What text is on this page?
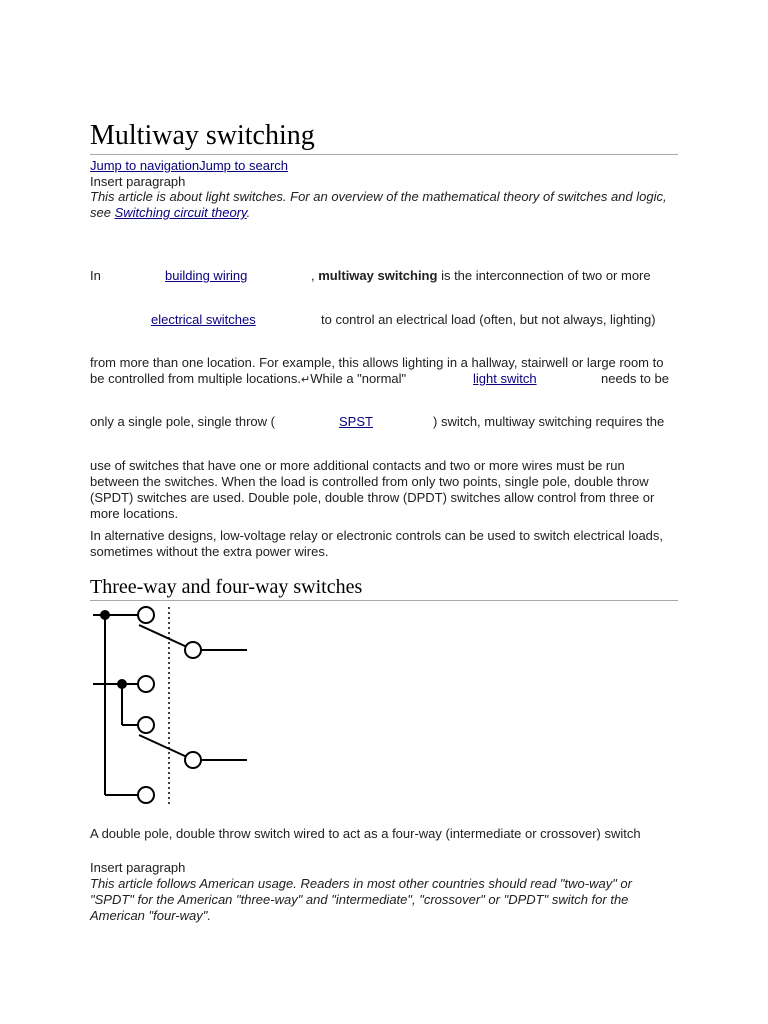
Multiway switching
Jump to navigationJump to search
Insert paragraph
This article is about light switches. For an overview of the mathematical theory of switches and logic, see Switching circuit theory.
In	building wiring	, multiway switching is the interconnection of two or more
electrical switches	to control an electrical load (often, but not always, lighting)
from more than one location. For example, this allows lighting in a hallway, stairwell or large room to
be controlled from multiple locations.↵While a "normal"	light switch	needs to be
only a single pole, single throw (	SPST	) switch, multiway switching requires the
use of switches that have one or more additional contacts and two or more wires must be run between the switches. When the load is controlled from only two points, single pole, double throw (SPDT) switches are used. Double pole, double throw (DPDT) switches allow control from three or more locations.
In alternative designs, low-voltage relay or electronic controls can be used to switch electrical loads, sometimes without the extra power wires.
Three-way and four-way switches
A double pole, double throw switch wired to act as a four-way (intermediate or crossover) switch
Insert paragraph
This article follows American usage. Readers in most other countries should read "two-way" or "SPDT" for the American "three-way" and "intermediate", "crossover" or "DPDT" switch for the American "four-way".
